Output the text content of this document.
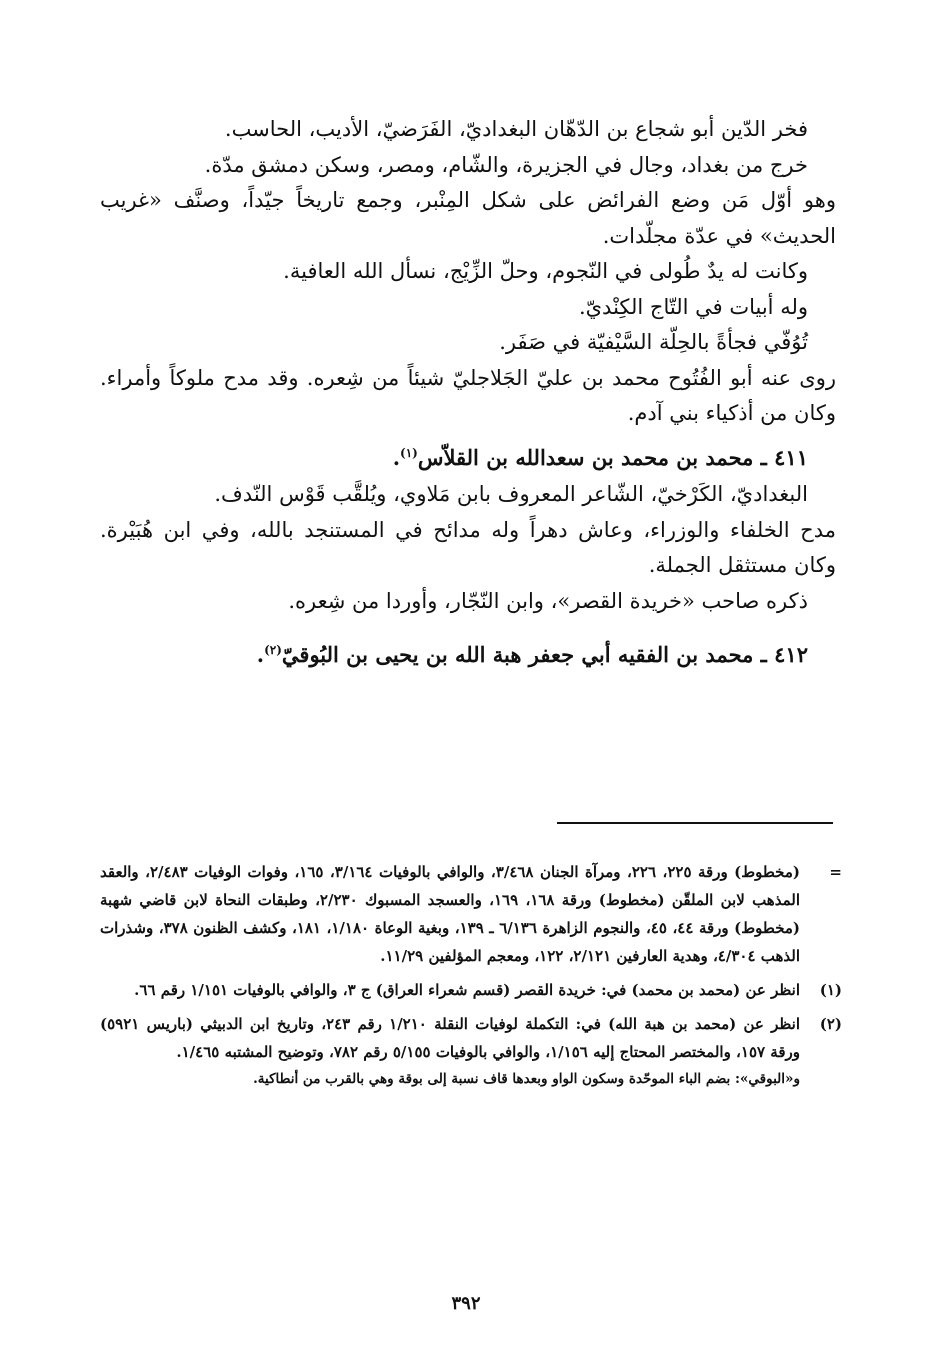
فخر الدّين أبو شجاع بن الدّهّان البغداديّ، الفَرَضيّ، الأديب، الحاسب.

خرج من بغداد، وجال في الجزيرة، والشّام، ومصر، وسكن دمشق مدّة.

وهو أوّل مَن وضع الفرائض على شكل المِنْبر، وجمع تاريخاً جيّداً، وصنَّف «غريب الحديث» في عدّة مجلّدات.

وكانت له يدٌ طُولى في النّجوم، وحلّ الزِّيْج، نسأل الله العافية.

وله أبيات في التّاج الكِنْديّ.

تُوُفّي فجأةً بالحِلّة السَّيْفيّة في صَفَر.

روى عنه أبو الفُتُوح محمد بن عليّ الجَلاجليّ شيئاً من شِعره. وقد مدح ملوكاً وأمراء. وكان من أذكياء بني آدم.

٤١١ ـ محمد بن محمد بن سعدالله بن القلاّس$^{(١)}$.

البغداديّ، الكَرْخيّ، الشّاعر المعروف بابن مَلاوي، ويُلقَّب قَوْس النّدف.

مدح الخلفاء والوزراء، وعاش دهراً وله مدائح في المستنجد بالله، وفي ابن هُبَيْرة. وكان مستثقل الجملة.

ذكره صاحب «خريدة القصر»، وابن النّجّار، وأوردا من شِعره.

٤١٢ ـ محمد بن الفقيه أبي جعفر هبة الله بن يحيى بن البُوقيّ$^{(٢)}$.

=
(مخطوط) ورقة ٢٢٥، ٢٢٦، ومرآة الجنان ٣/٤٦٨، والوافي بالوفيات ٣/١٦٤، ١٦٥، وفوات الوفيات ٢/٤٨٣، والعقد المذهب لابن الملقّن (مخطوط) ورقة ١٦٨، ١٦٩، والعسجد المسبوك ٢/٢٣٠، وطبقات النحاة لابن قاضي شهبة (مخطوط) ورقة ٤٤، ٤٥، والنجوم الزاهرة ٦/١٣٦ ـ ١٣٩، وبغية الوعاة ١/١٨٠، ١٨١، وكشف الظنون ٣٧٨، وشذرات الذهب ٤/٣٠٤، وهدية العارفين ٢/١٢١، ١٢٢، ومعجم المؤلفين ١١/٢٩.
(١)
انظر عن (محمد بن محمد) في: خريدة القصر (قسم شعراء العراق) ج ٣، والوافي بالوفيات ١/١٥١ رقم ٦٦.
(٢)

انظر عن (محمد بن هبة الله) في: التكملة لوفيات النقلة ١/٢١٠ رقم ٢٤٣، وتاريخ ابن الدبيثي (باريس ٥٩٢١) ورقة ١٥٧، والمختصر المحتاج إليه ١/١٥٦، والوافي بالوفيات ٥/١٥٥ رقم ٧٨٢، وتوضيح المشتبه ١/٤٦٥.

و«البوقي»: بضم الباء الموحّدة وسكون الواو وبعدها قاف نسبة إلى بوقة وهي بالقرب من أنطاكية.

٣٩٢
